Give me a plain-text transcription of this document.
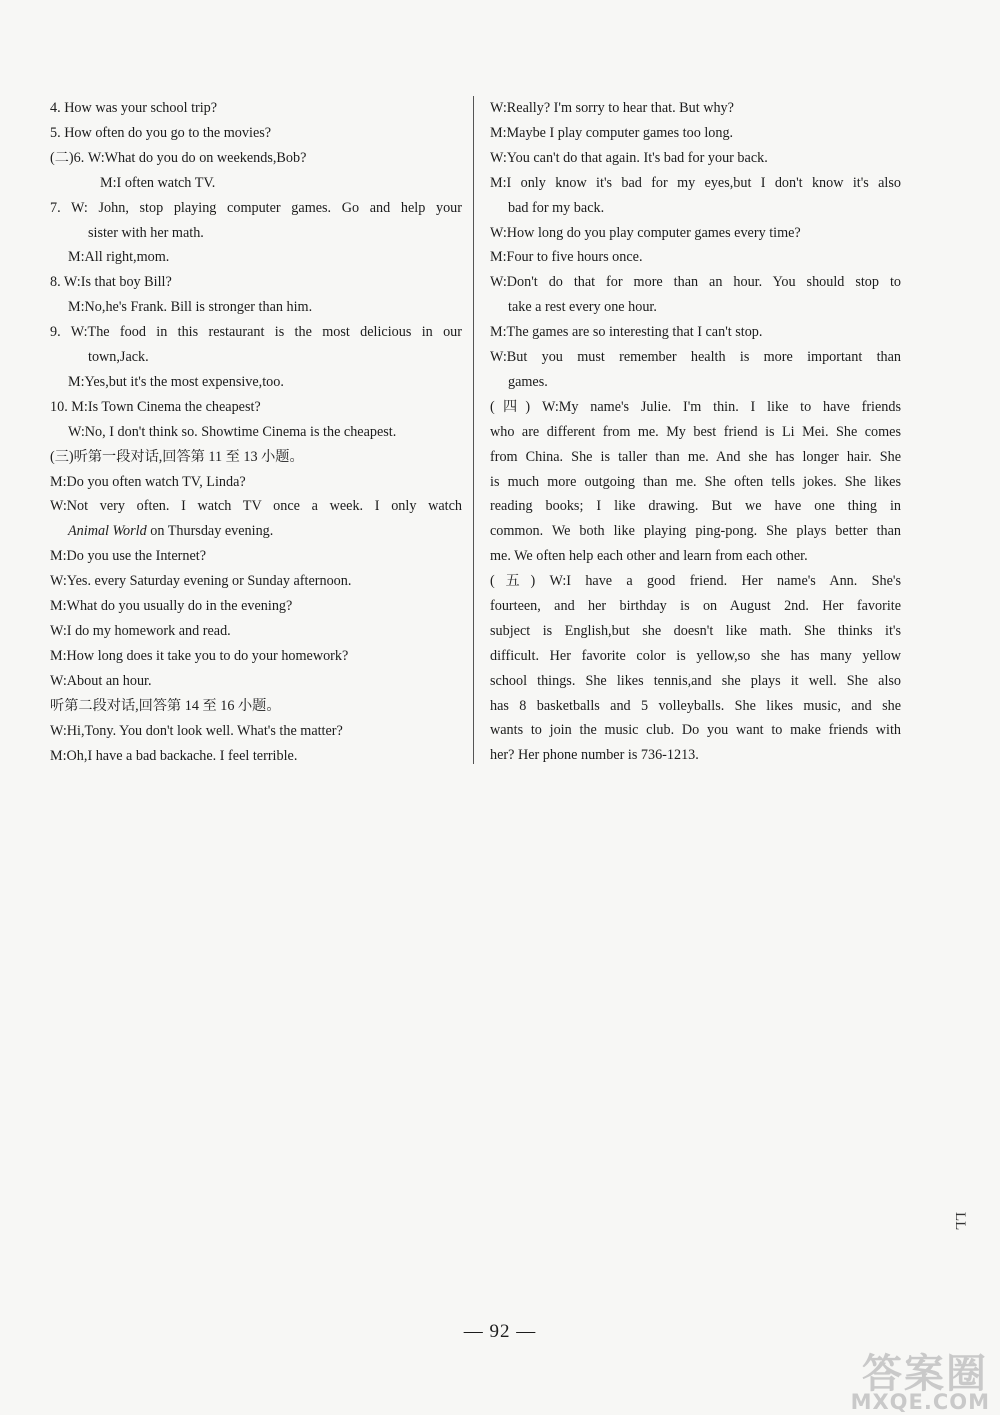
4. How was your school trip?
5. How often do you go to the movies?
(二)6. W:What do you do on weekends,Bob?
M:I often watch TV.
7. W: John, stop playing computer games. Go and help your
sister with her math.
M:All right,mom.
8. W:Is that boy Bill?
M:No,he's Frank. Bill is stronger than him.
9. W:The food in this restaurant is the most delicious in our
town,Jack.
M:Yes,but it's the most expensive,too.
10. M:Is Town Cinema the cheapest?
W:No, I don't think so. Showtime Cinema is the cheapest.
(三)听第一段对话,回答第 11 至 13 小题。
M:Do you often watch TV, Linda?
W:Not very often. I watch TV once a week. I only watch
Animal World on Thursday evening.
M:Do you use the Internet?
W:Yes. every Saturday evening or Sunday afternoon.
M:What do you usually do in the evening?
W:I do my homework and read.
M:How long does it take you to do your homework?
W:About an hour.
听第二段对话,回答第 14 至 16 小题。
W:Hi,Tony. You don't look well. What's the matter?
M:Oh,I have a bad backache. I feel terrible.
W:Really? I'm sorry to hear that. But why?
M:Maybe I play computer games too long.
W:You can't do that again. It's bad for your back.
M:I only know it's bad for my eyes,but I don't know it's also
bad for my back.
W:How long do you play computer games every time?
M:Four to five hours once.
W:Don't do that for more than an hour. You should stop to
take a rest every one hour.
M:The games are so interesting that I can't stop.
W:But you must remember health is more important than
games.
(四) W:My name's Julie. I'm thin. I like to have friends
who are different from me. My best friend is Li Mei. She comes
from China. She is taller than me. And she has longer hair. She
is much more outgoing than me. She often tells jokes. She likes
reading books; I like drawing. But we have one thing in
common. We both like playing ping-pong. She plays better than
me. We often help each other and learn from each other.
(五) W:I have a good friend. Her name's Ann. She's
fourteen, and her birthday is on August 2nd. Her favorite
subject is English,but she doesn't like math. She thinks it's
difficult. Her favorite color is yellow,so she has many yellow
school things. She likes tennis,and she plays it well. She also
has 8 basketballs and 5 volleyballs. She likes music, and she
wants to join the music club. Do you want to make friends with
her? Her phone number is 736-1213.
LL
— 92 —
答案圈
MXQE.COM
